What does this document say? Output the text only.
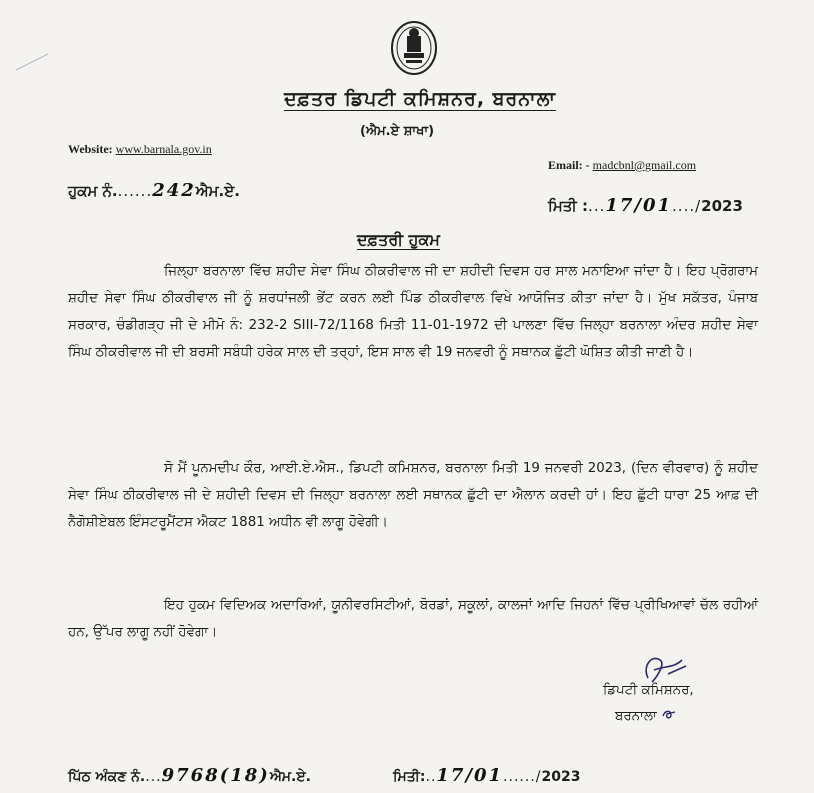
ਦਫ਼ਤਰ ਡਿਪਟੀ ਕਮਿਸ਼ਨਰ, ਬਰਨਾਲਾ
(ਐਮ.ਏ ਸ਼ਾਖਾ)
Website: www.barnala.gov.in
Email: - madcbnl@gmail.com
ਹੁਕਮ ਨੰ.......242ਐਮ.ਏ.
ਮਿਤੀ :...17/01..../2023
ਦਫ਼ਤਰੀ ਹੁਕਮ

ਜਿਲ੍ਹਾ ਬਰਨਾਲਾ ਵਿੱਚ ਸ਼ਹੀਦ ਸੇਵਾ ਸਿੰਘ ਠੀਕਰੀਵਾਲ ਜੀ ਦਾ ਸ਼ਹੀਦੀ ਦਿਵਸ ਹਰ ਸਾਲ ਮਨਾਇਆ ਜਾਂਦਾ ਹੈ। ਇਹ ਪ੍ਰੋਗਰਾਮ ਸ਼ਹੀਦ ਸੇਵਾ ਸਿੰਘ ਠੀਕਰੀਵਾਲ ਜੀ ਨੂੰ ਸ਼ਰਧਾਂਜਲੀ ਭੇਂਟ ਕਰਨ ਲਈ ਪਿੰਡ ਠੀਕਰੀਵਾਲ ਵਿਖੇ ਆਯੋਜਿਤ ਕੀਤਾ ਜਾਂਦਾ ਹੈ। ਮੁੱਖ ਸਕੱਤਰ, ਪੰਜਾਬ ਸਰਕਾਰ, ਚੰਡੀਗੜ੍ਹ ਜੀ ਦੇ ਮੀਮੋ ਨੰ: 232-2 SIII-72/1168 ਮਿਤੀ 11-01-1972 ਦੀ ਪਾਲਣਾ ਵਿੱਚ ਜਿਲ੍ਹਾ ਬਰਨਾਲਾ ਅੰਦਰ ਸ਼ਹੀਦ ਸੇਵਾ ਸਿੰਘ ਠੀਕਰੀਵਾਲ ਜੀ ਦੀ ਬਰਸੀ ਸਬੰਧੀ ਹਰੇਕ ਸਾਲ ਦੀ ਤਰ੍ਹਾਂ, ਇਸ ਸਾਲ ਵੀ 19 ਜਨਵਰੀ ਨੂੰ ਸਥਾਨਕ ਛੁੱਟੀ ਘੋਸ਼ਿਤ ਕੀਤੀ ਜਾਣੀ ਹੈ।

ਸੋ ਮੈਂ ਪੂਨਮਦੀਪ ਕੌਰ, ਆਈ.ਏ.ਐਸ., ਡਿਪਟੀ ਕਮਿਸ਼ਨਰ, ਬਰਨਾਲਾ ਮਿਤੀ 19 ਜਨਵਰੀ 2023, (ਦਿਨ ਵੀਰਵਾਰ) ਨੂੰ ਸ਼ਹੀਦ ਸੇਵਾ ਸਿੰਘ ਠੀਕਰੀਵਾਲ ਜੀ ਦੇ ਸ਼ਹੀਦੀ ਦਿਵਸ ਦੀ ਜਿਲ੍ਹਾ ਬਰਨਾਲਾ ਲਈ ਸਥਾਨਕ ਛੁੱਟੀ ਦਾ ਐਲਾਨ ਕਰਦੀ ਹਾਂ। ਇਹ ਛੁੱਟੀ ਧਾਰਾ 25 ਆਫ਼ ਦੀ ਨੈਗੋਸ਼ੀਏਬਲ ਇੰਸਟਰੂਮੈਂਟਸ ਐਕਟ 1881 ਅਧੀਨ ਵੀ ਲਾਗੂ ਹੋਵੇਗੀ।

ਇਹ ਹੁਕਮ ਵਿਦਿਅਕ ਅਦਾਰਿਆਂ, ਯੂਨੀਵਰਸਿਟੀਆਂ, ਬੋਰਡਾਂ, ਸਕੂਲਾਂ, ਕਾਲਜਾਂ ਆਦਿ ਜਿਹਨਾਂ ਵਿੱਚ ਪ੍ਰੀਖਿਆਵਾਂ ਚੱਲ ਰਹੀਆਂ ਹਨ, ਉੱਪਰ ਲਾਗੂ ਨਹੀਂ ਹੋਵੇਗਾ।

ਡਿਪਟੀ ਕਮਿਸ਼ਨਰ,
ਬਰਨਾਲਾ
ਪਿੱਠ ਅੰਕਣ ਨੰ....9768(18)ਐਮ.ਏ.	ਮਿਤੀ:..17/01....../2023
